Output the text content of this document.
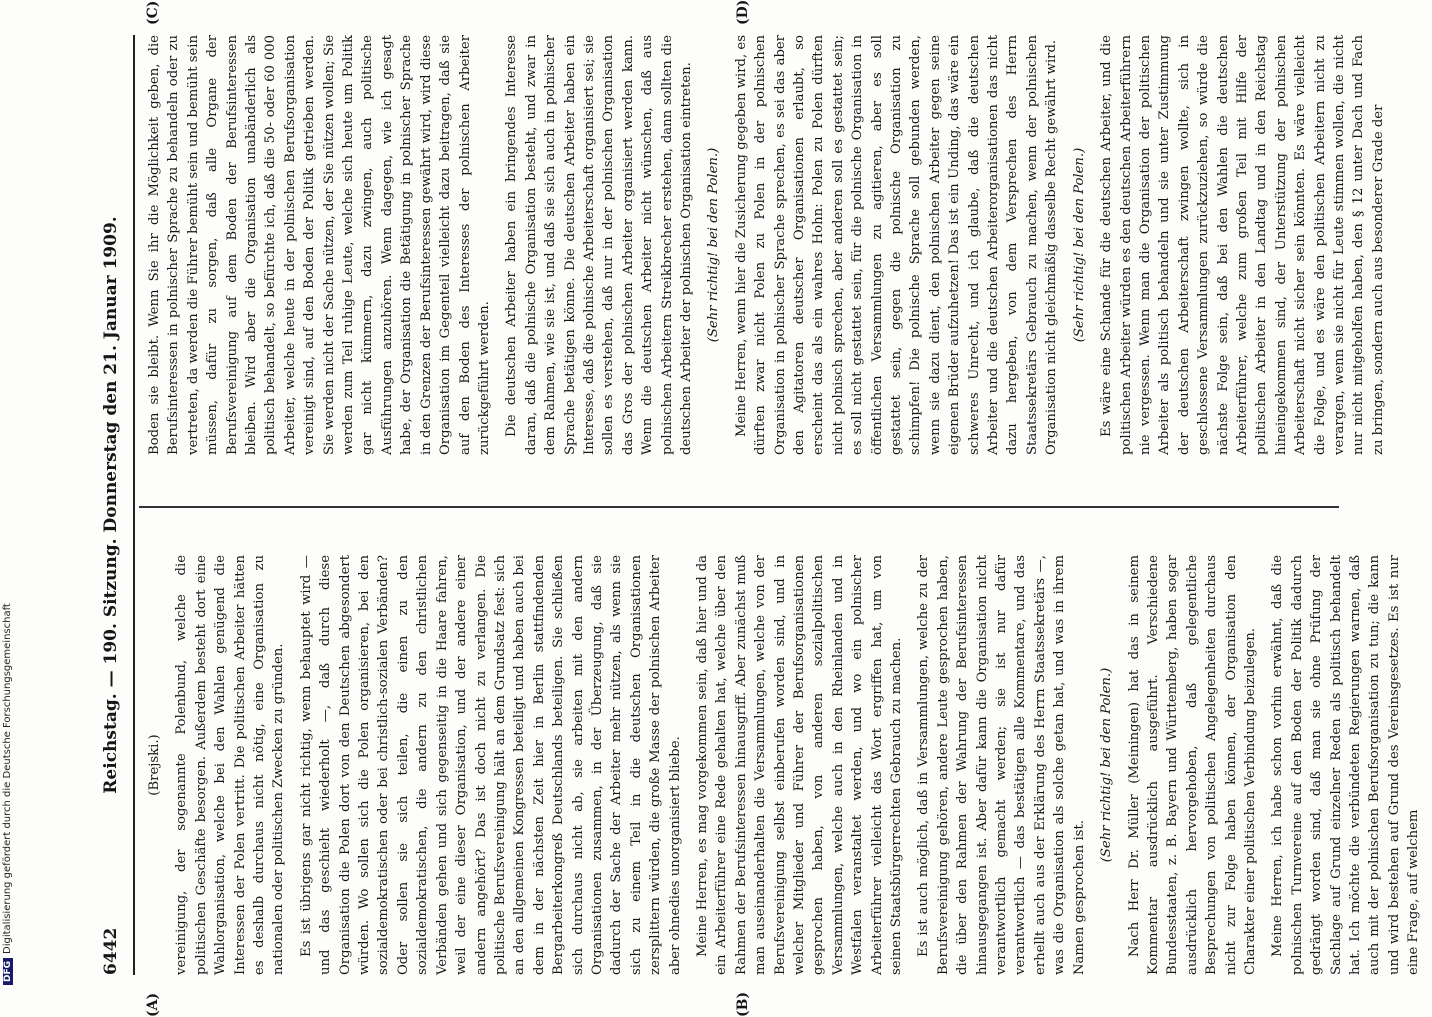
6442
Reichstag. — 190. Sitzung. Donnerstag den 21. Januar 1909.
(A)	(B)
(C)	(D)

(Brejski.) vereinigung, der sogenannte Polenbund, welche die politischen Geschäfte besorgen. Außerdem besteht dort eine Wahlorganisation, welche bei den Wahlen genügend die Interessen der Polen vertritt. Die politischen Arbeiter hätten es deshalb durchaus nicht nötig, eine Organisation zu nationalen oder politischen Zwecken zu gründen. Es ist übrigens gar nicht richtig, wenn behauptet wird — und das geschieht wiederholt —, daß durch diese Organisation die Polen dort von den Deutschen abgesondert würden. Wo sollen sich die Polen organisieren, bei den sozialdemokratischen oder bei christlich-sozialen Verbänden? Oder sollen sie sich teilen, die einen zu den sozialdemokratischen, die andern zu den christlichen Verbänden gehen und sich gegenseitig in die Haare fahren, weil der eine dieser Organisation, und der andere einer andern angehört? Das ist doch nicht zu verlangen. Die politische Berufsvereinigung hält an dem Grundsatz fest: sich an den allgemeinen Kongressen beteiligt und haben auch bei dem in der nächsten Zeit hier in Berlin stattfindenden Bergarbeiterkongreß Deutschlands beteiligen. Sie schließen sich durchaus nicht ab, sie arbeiten mit den andern Organisationen zusammen, in der Überzeugung, daß sie dadurch der Sache der Arbeiter mehr nützen, als wenn sie sich zu einem Teil in die deutschen Organisationen zersplittern würden, die große Masse der polnischen Arbeiter aber ohnedies unorganisiert bliebe. Meine Herren, es mag vorgekommen sein, daß hier und da ein Arbeiterführer eine Rede gehalten hat, welche über den Rahmen der Berufsinteressen hinausgriff. Aber zunächst muß man auseinanderhalten die Versammlungen, welche von der Berufsvereinigung selbst einberufen worden sind, und in welcher Mitglieder und Führer der Berufsorganisationen gesprochen haben, von anderen sozialpolitischen Versammlungen, welche auch in den Rheinlanden und in Westfalen veranstaltet werden, und wo ein polnischer Arbeiterführer vielleicht das Wort ergriffen hat, um von seinen Staatsbürgerrechten Gebrauch zu machen. Es ist auch möglich, daß in Versammlungen, welche zu der Berufsvereinigung gehören, andere Leute gesprochen haben, die über den Rahmen der Wahrung der Berufsinteressen hinausgegangen ist. Aber dafür kann die Organisation nicht verantwortlich gemacht werden; sie ist nur dafür verantwortlich — das bestätigen alle Kommentare, und das erhellt auch aus der Erklärung des Herrn Staatssekretärs —, was die Organisation als solche getan hat, und was in ihrem Namen gesprochen ist.

(Sehr richtig! bei den Polen.) Nach Herr Dr. Müller (Meiningen) hat das in seinem Kommentar ausdrücklich ausgeführt. Verschiedene Bundesstaaten, z. B. Bayern und Württemberg, haben sogar ausdrücklich hervorgehoben, daß gelegentliche Besprechungen von politischen Angelegenheiten durchaus nicht zur Folge haben können, der Organisation den Charakter einer politischen Verbindung beizulegen. Meine Herren, ich habe schon vorhin erwähnt, daß die polnischen Turnvereine auf den Boden der Politik dadurch gedrängt worden sind, daß man sie ohne Prüfung der Sachlage auf Grund einzelner Reden als politisch behandelt hat. Ich möchte die verbündeten Regierungen warnen, daß auch mit der polnischen Berufsorganisation zu tun; die kann und wird bestehen auf Grund des Vereinsgesetzes. Es ist nur eine Frage, auf welchem

Boden sie bleibt. Wenn Sie ihr die Möglichkeit geben, die Berufsinteressen in polnischer Sprache zu behandeln oder zu vertreten, da werden die Führer bemüht sein und bemüht sein müssen, dafür zu sorgen, daß alle Organe der Berufsvereinigung auf dem Boden der Berufsinteressen bleiben. Wird aber die Organisation unabänderlich als politisch behandelt, so befürchte ich, daß die 50- oder 60 000 Arbeiter, welche heute in der polnischen Berufsorganisation vereinigt sind, auf den Boden der Politik getrieben werden. Sie werden nicht der Sache nützen, der Sie nützen wollen; Sie werden zum Teil ruhige Leute, welche sich heute um Politik gar nicht kümmern, dazu zwingen, auch politische Ausführungen anzuhören. Wenn dagegen, wie ich gesagt habe, der Organisation die Betätigung in polnischer Sprache in den Grenzen der Berufsinteressen gewährt wird, wird diese Organisation im Gegenteil vielleicht dazu beitragen, daß sie auf den Boden des Interesses der polnischen Arbeiter zurückgeführt werden. Die deutschen Arbeiter haben ein bringendes Interesse daran, daß die polnische Organisation besteht, und zwar in dem Rahmen, wie sie ist, und daß sie sich auch in polnischer Sprache betätigen könne. Die deutschen Arbeiter haben ein Interesse, daß die polnische Arbeiterschaft organisiert sei; sie sollen es verstehen, daß nur in der polnischen Organisation das Gros der polnischen Arbeiter organisiert werden kann. Wenn die deutschen Arbeiter nicht wünschen, daß aus polnischen Arbeitern Streikbrecher erstehen, dann sollten die deutschen Arbeiter der polnischen Organisation eintreten. (Sehr richtig! bei den Polen.) Meine Herren, wenn hier die Zusicherung gegeben wird, es dürften zwar nicht Polen zu Polen in der polnischen Organisation in polnischer Sprache sprechen, es sei das aber den Agitatoren deutscher Organisationen erlaubt, so erscheint das als ein wahres Hohn: Polen zu Polen dürften nicht polnisch sprechen, aber anderen soll es gestattet sein; es soll nicht gestattet sein, für die polnische Organisation in öffentlichen Versammlungen zu agitieren, aber es soll gestattet sein, gegen die polnische Organisation zu schimpfen! Die polnische Sprache soll gebunden werden, wenn sie dazu dient, den polnischen Arbeiter gegen seine eigenen Brüder aufzuhetzen! Das ist ein Unding, das wäre ein schweres Unrecht, und ich glaube, daß die deutschen Arbeiter und die deutschen Arbeiterorganisationen das nicht dazu hergeben, von dem Versprechen des Herrn Staatssekretärs Gebrauch zu machen, wenn der polnischen Organisation nicht gleichmäßig dasselbe Recht gewährt wird. (Sehr richtig! bei den Polen.) Es wäre eine Schande für die deutschen Arbeiter, und die politischen Arbeiter würden es den deutschen Arbeiterführern nie vergessen. Wenn man die Organisation der politischen Arbeiter als politisch behandeln und sie unter Zustimmung der deutschen Arbeiterschaft zwingen wollte, sich in geschlossene Versammlungen zurückzuziehen, so würde die nächste Folge sein, daß bei den Wahlen die deutschen Arbeiterführer, welche zum großen Teil mit Hilfe der politischen Arbeiter in den Landtag und in den Reichstag hineingekommen sind, der Unterstützung der polnischen Arbeiterschaft nicht sicher sein könnten. Es wäre vielleicht die Folge, und es wäre den politischen Arbeitern nicht zu verargen, wenn sie nicht für Leute stimmen wollen, die nicht nur nicht mitgeholfen haben, den § 12 unter Dach und Fach zu bringen, sondern auch aus besonderer Grade der

DFGDigitalisierung gefördert durch die Deutsche Forschungsgemeinschaft
